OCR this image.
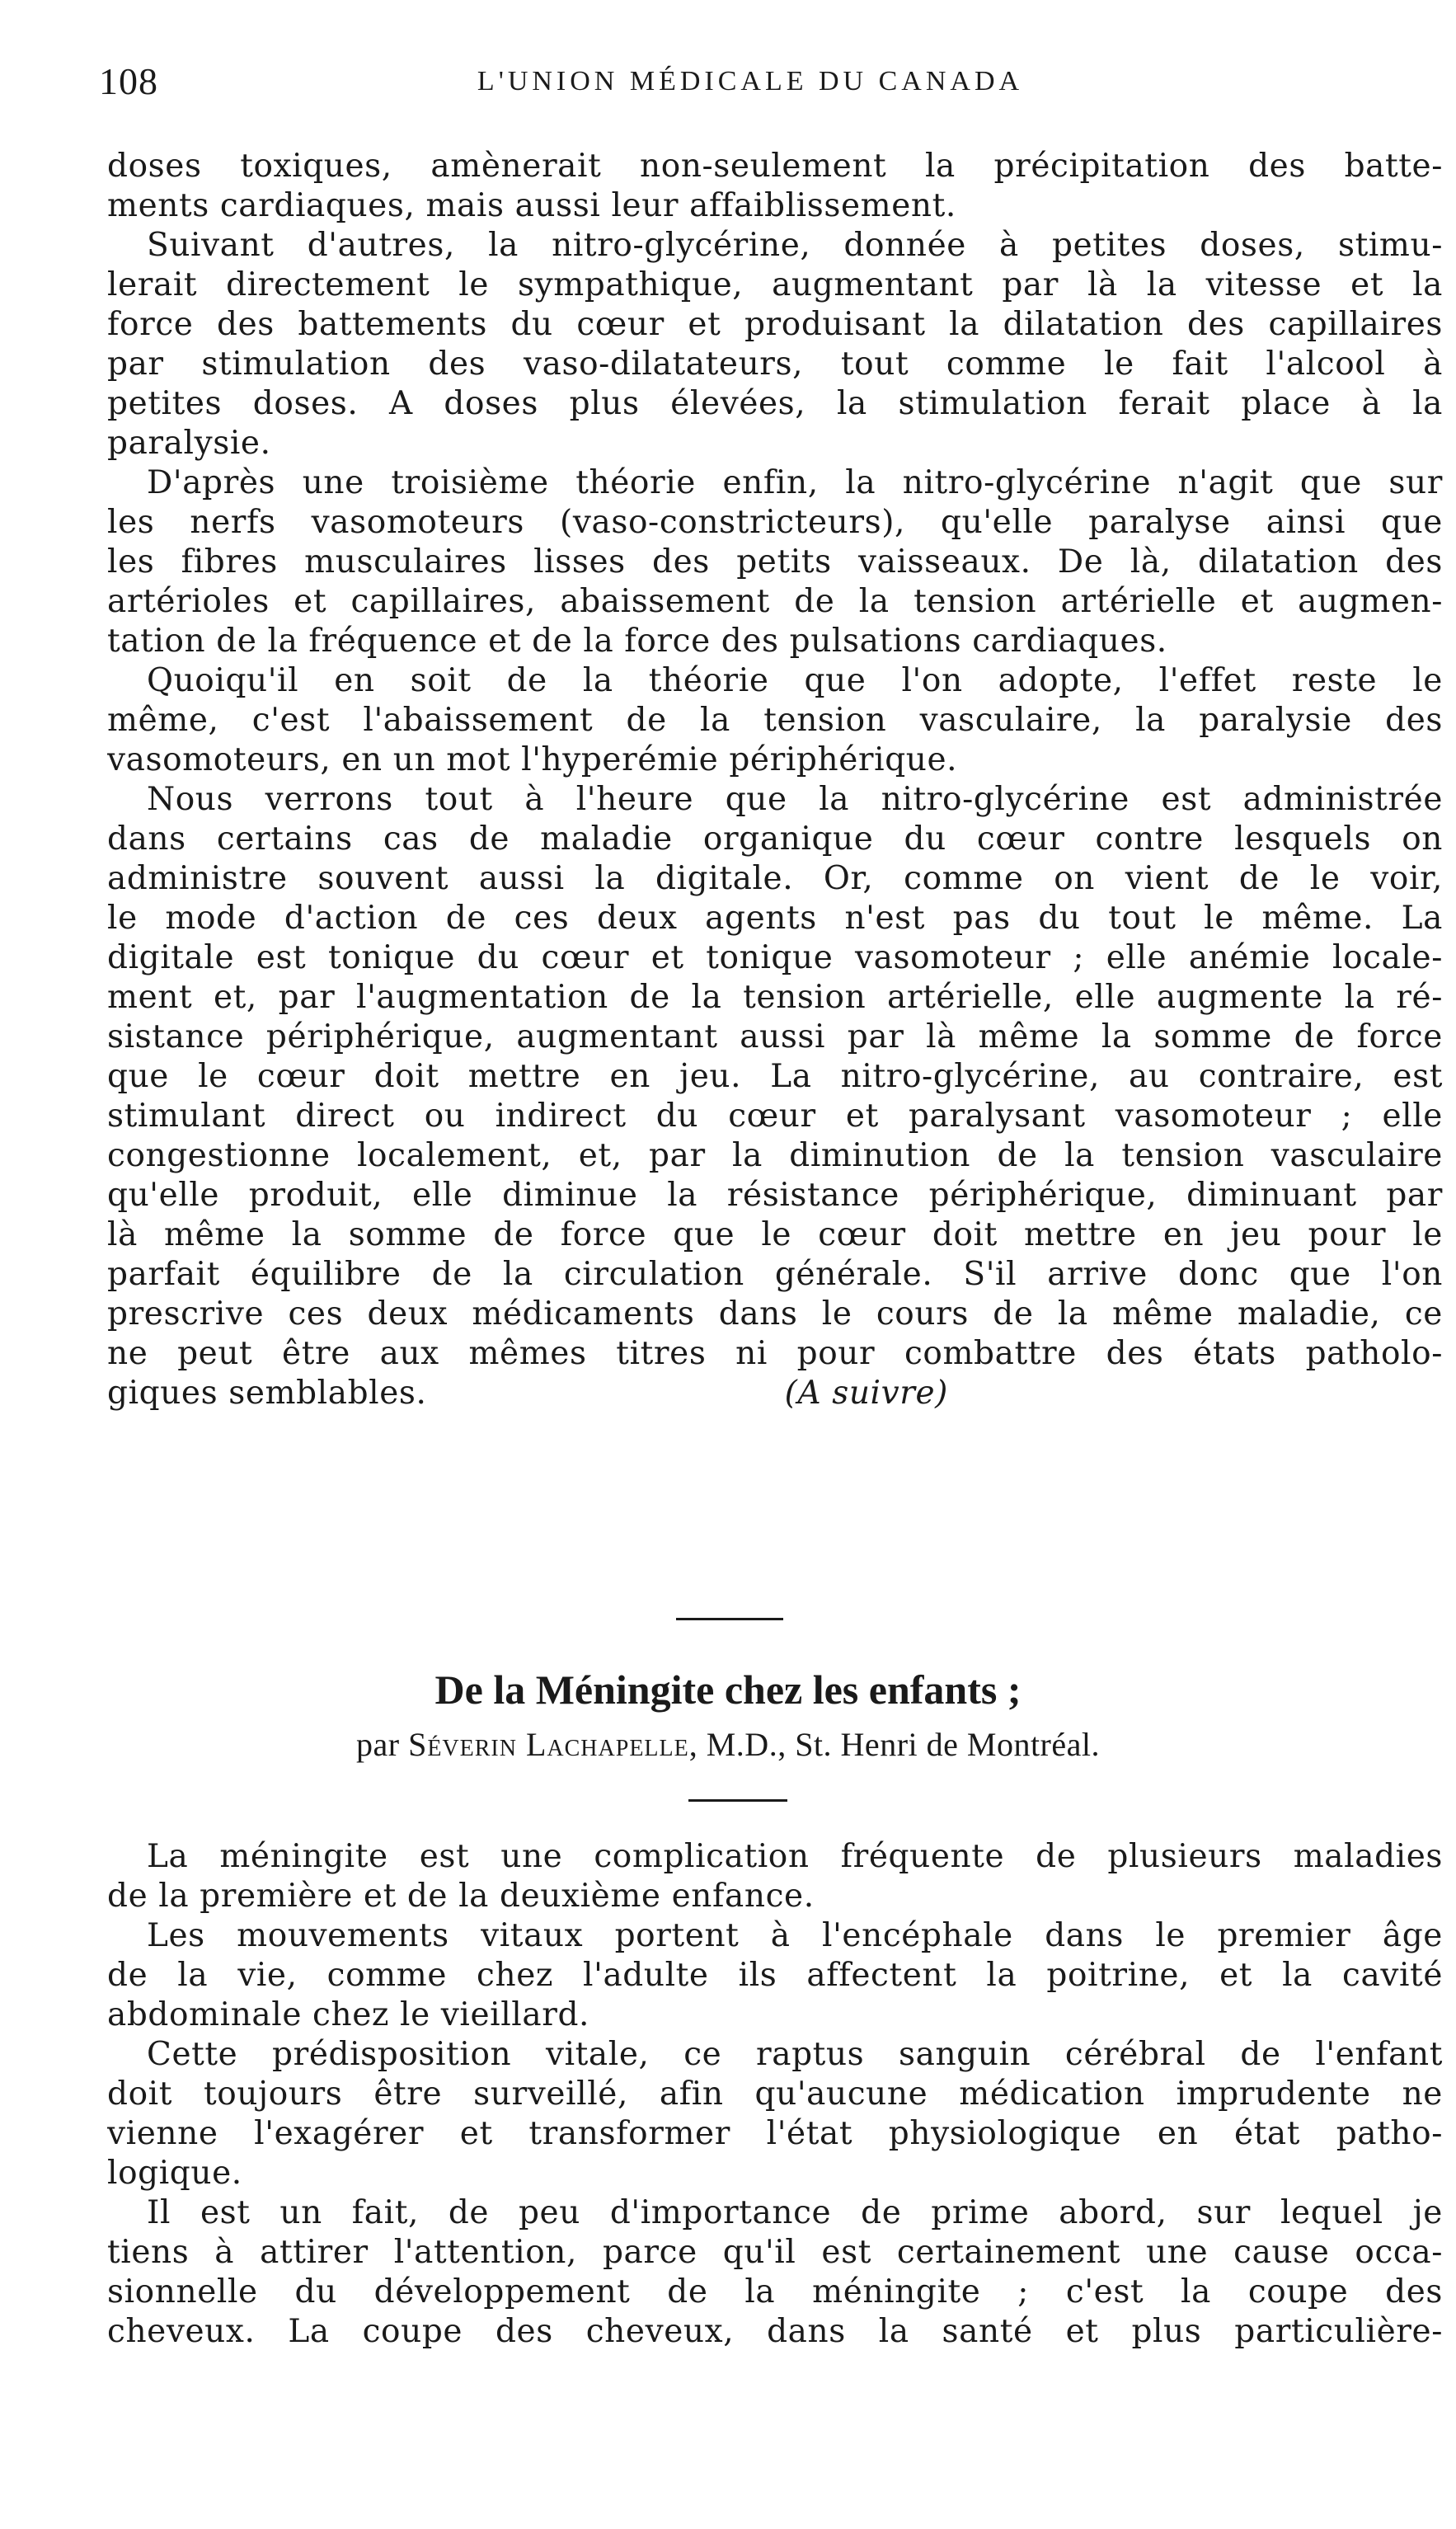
108	L'UNION MÉDICALE DU CANADA
doses toxiques, amènerait non-seulement la précipitation des batte-
ments cardiaques, mais aussi leur affaiblissement.
Suivant d'autres, la nitro-glycérine, donnée à petites doses, stimu-
lerait directement le sympathique, augmentant par là la vitesse et la
force des battements du cœur et produisant la dilatation des capillaires
par stimulation des vaso-dilatateurs, tout comme le fait l'alcool à
petites doses. A doses plus élevées, la stimulation ferait place à la
paralysie.
D'après une troisième théorie enfin, la nitro-glycérine n'agit que sur
les nerfs vasomoteurs (vaso-constricteurs), qu'elle paralyse ainsi que
les fibres musculaires lisses des petits vaisseaux. De là, dilatation des
artérioles et capillaires, abaissement de la tension artérielle et augmen-
tation de la fréquence et de la force des pulsations cardiaques.
Quoiqu'il en soit de la théorie que l'on adopte, l'effet reste le
même, c'est l'abaissement de la tension vasculaire, la paralysie des
vasomoteurs, en un mot l'hyperémie périphérique.
Nous verrons tout à l'heure que la nitro-glycérine est administrée
dans certains cas de maladie organique du cœur contre lesquels on
administre souvent aussi la digitale. Or, comme on vient de le voir,
le mode d'action de ces deux agents n'est pas du tout le même. La
digitale est tonique du cœur et tonique vasomoteur ; elle anémie locale-
ment et, par l'augmentation de la tension artérielle, elle augmente la ré-
sistance périphérique, augmentant aussi par là même la somme de force
que le cœur doit mettre en jeu. La nitro-glycérine, au contraire, est
stimulant direct ou indirect du cœur et paralysant vasomoteur ; elle
congestionne localement, et, par la diminution de la tension vasculaire
qu'elle produit, elle diminue la résistance périphérique, diminuant par
là même la somme de force que le cœur doit mettre en jeu pour le
parfait équilibre de la circulation générale. S'il arrive donc que l'on
prescrive ces deux médicaments dans le cours de la même maladie, ce
ne peut être aux mêmes titres ni pour combattre des états patholo-
giques semblables.	(A suivre)
De la Méningite chez les enfants ;
par Séverin Lachapelle, M.D., St. Henri de Montréal.
La méningite est une complication fréquente de plusieurs maladies
de la première et de la deuxième enfance.
Les mouvements vitaux portent à l'encéphale dans le premier âge
de la vie, comme chez l'adulte ils affectent la poitrine, et la cavité
abdominale chez le vieillard.
Cette prédisposition vitale, ce raptus sanguin cérébral de l'enfant
doit toujours être surveillé, afin qu'aucune médication imprudente ne
vienne l'exagérer et transformer l'état physiologique en état patho-
logique.
Il est un fait, de peu d'importance de prime abord, sur lequel je
tiens à attirer l'attention, parce qu'il est certainement une cause occa-
sionnelle du développement de la méningite ; c'est la coupe des
cheveux. La coupe des cheveux, dans la santé et plus particulière-
